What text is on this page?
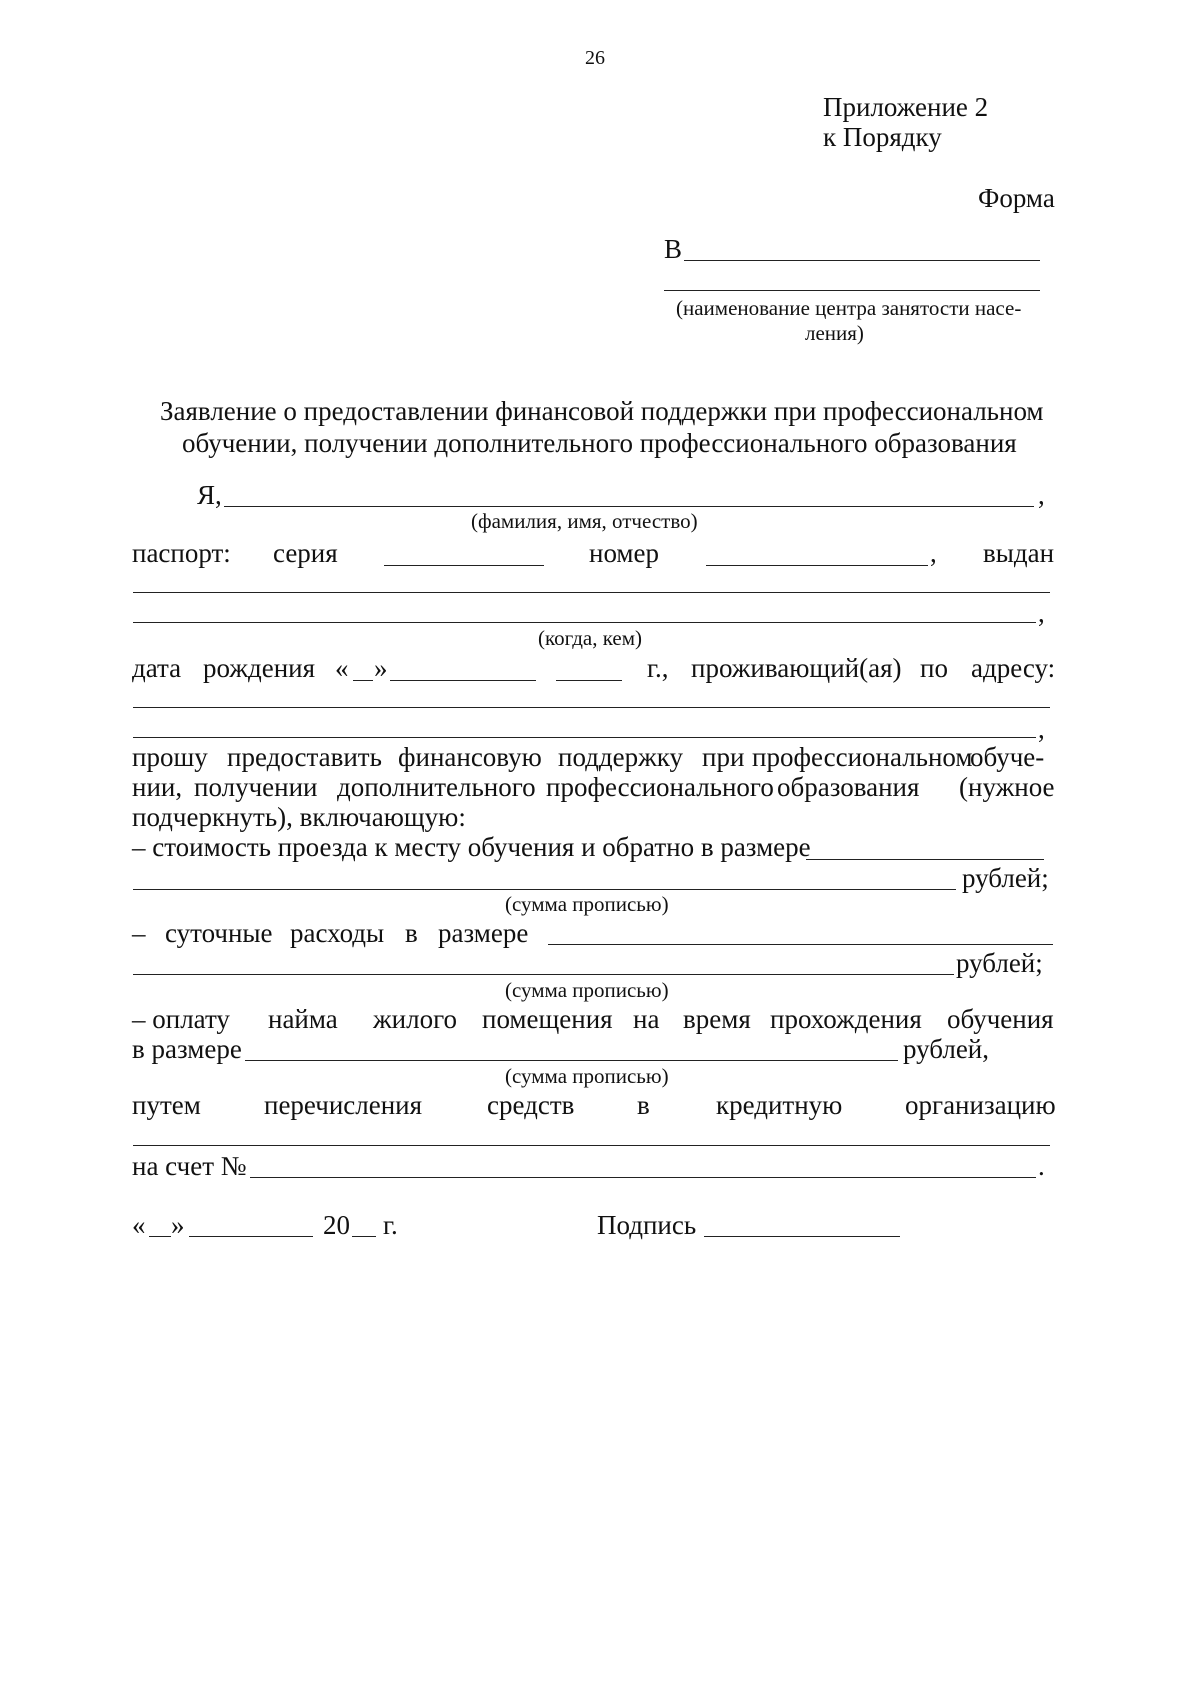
26
Приложение 2
к Порядку
Форма
В
(наименование центра занятости насе-
ления)
Заявление о предоставлении финансовой поддержки при профессиональном
обучении, получении дополнительного профессионального образования
Я,	,
(фамилия, имя, отчество)
паспорт: серия	номер	, выдан
,
(когда, кем)
дата рождения « »	г., проживающий(ая) по адресу:
,
прошу предоставить финансовую поддержку при профессиональном
обуче-
нии, получении дополнительного профессионального образования (нужное
подчеркнуть), включающую:
– стоимость проезда к месту обучения и обратно в размере
рублей;
(сумма прописью)
– суточные расходы в размере
рублей;
(сумма прописью)
– оплату найма жилого помещения на время прохождения обучения
в размере	рублей,
(сумма прописью)
путем перечисления средств в кредитную организацию
на счет №	.
« »	20 г.	Подпись
